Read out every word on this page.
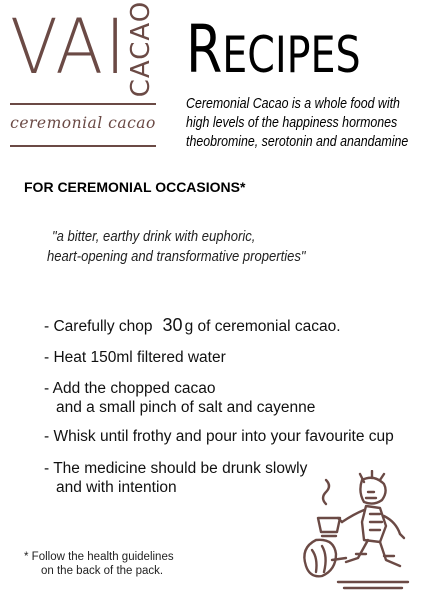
VAI
CACAO
ceremonial cacao
RECIPES
Ceremonial Cacao is a whole food with
high levels of the happiness hormones
theobromine, serotonin and anandamine
FOR CEREMONIAL OCCASIONS*
"a bitter, earthy drink with euphoric,
heart-opening and transformative properties"
- Carefully chop 30 g of ceremonial cacao.
- Heat 150ml filtered water
- Add the chopped cacao
and a small pinch of salt and cayenne
- Whisk until frothy and pour into your favourite cup
- The medicine should be drunk slowly
and with intention
* Follow the health guidelines
on the back of the pack.
